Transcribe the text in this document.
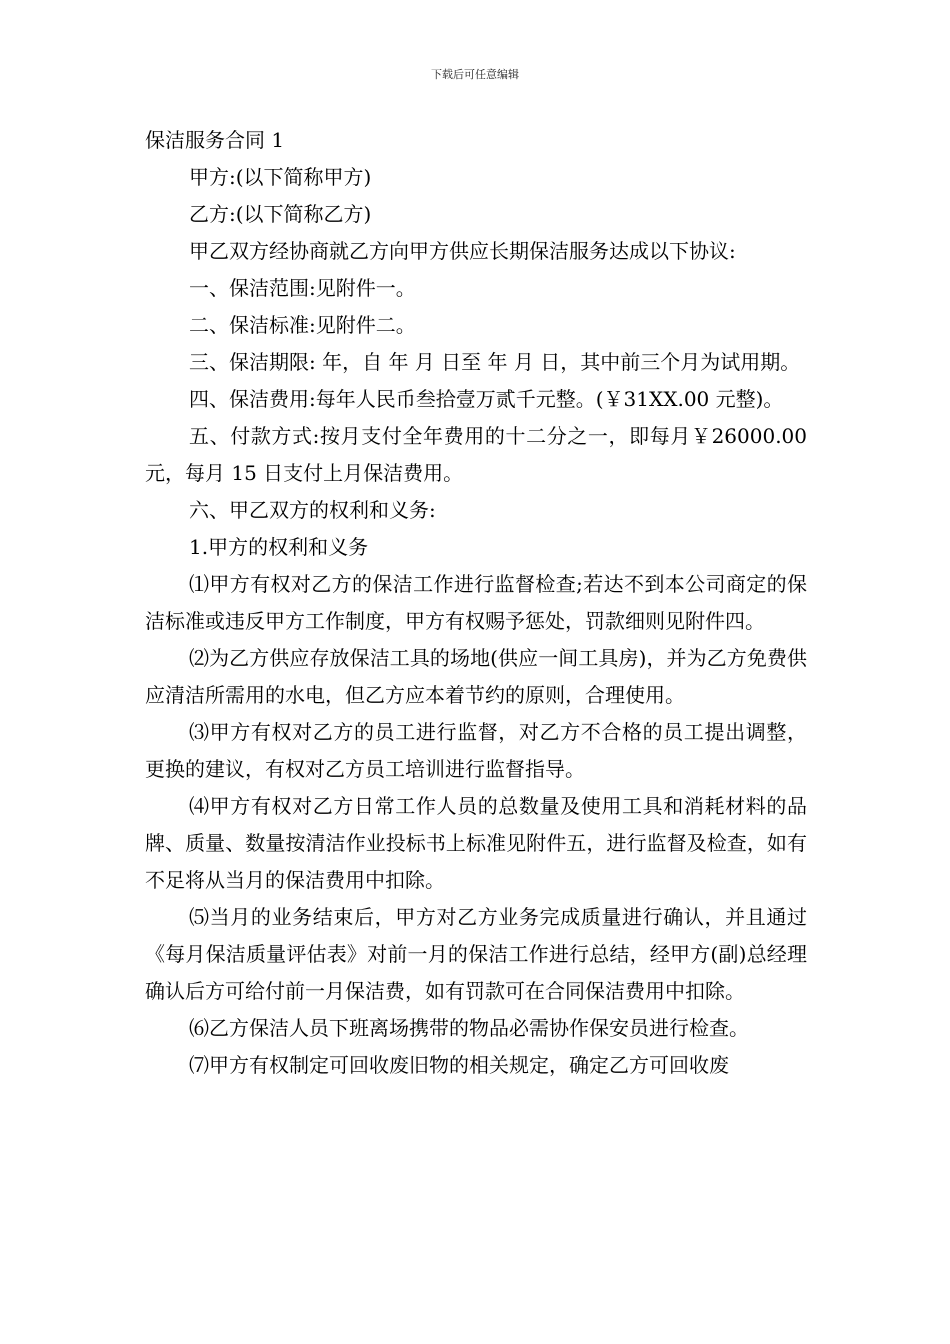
下载后可任意编辑

保洁服务合同 1

甲方:(以下简称甲方)

乙方:(以下简称乙方)

甲乙双方经协商就乙方向甲方供应长期保洁服务达成以下协议:

一、保洁范围:见附件一。

二、保洁标准:见附件二。

三、保洁期限: 年，自 年 月 日至 年 月 日，其中前三个月为试用期。

四、保洁费用:每年人民币叁拾壹万贰千元整。(￥31XX.00 元整)。

五、付款方式:按月支付全年费用的十二分之一，即每月￥26000.00 元，每月 15 日支付上月保洁费用。

六、甲乙双方的权利和义务:

1.甲方的权利和义务

⑴甲方有权对乙方的保洁工作进行监督检查;若达不到本公司商定的保洁标准或违反甲方工作制度，甲方有权赐予惩处，罚款细则见附件四。

⑵为乙方供应存放保洁工具的场地(供应一间工具房)，并为乙方免费供应清洁所需用的水电，但乙方应本着节约的原则，合理使用。

⑶甲方有权对乙方的员工进行监督，对乙方不合格的员工提出调整，更换的建议，有权对乙方员工培训进行监督指导。

⑷甲方有权对乙方日常工作人员的总数量及使用工具和消耗材料的品牌、质量、数量按清洁作业投标书上标准见附件五，进行监督及检查，如有不足将从当月的保洁费用中扣除。

⑸当月的业务结束后，甲方对乙方业务完成质量进行确认，并且通过《每月保洁质量评估表》对前一月的保洁工作进行总结，经甲方(副)总经理确认后方可给付前一月保洁费，如有罚款可在合同保洁费用中扣除。

⑹乙方保洁人员下班离场携带的物品必需协作保安员进行检查。

⑺甲方有权制定可回收废旧物的相关规定，确定乙方可回收废
